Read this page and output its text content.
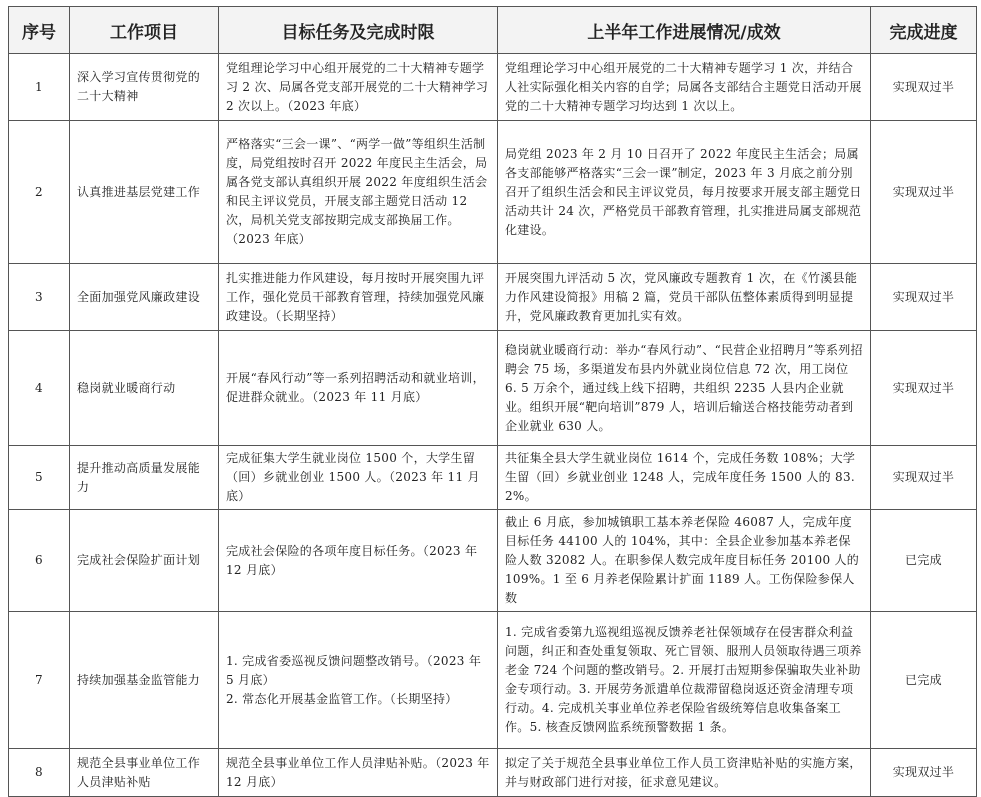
序号	工作项目	目标任务及完成时限	上半年工作进展情况/成效	完成进度
1	深入学习宣传贯彻党的二十大精神	党组理论学习中心组开展党的二十大精神专题学习 2 次、局属各党支部开展党的二十大精神学习 2 次以上。（2023 年底）	党组理论学习中心组开展党的二十大精神专题学习 1 次，并结合人社实际强化相关内容的自学；局属各支部结合主题党日活动开展党的二十大精神专题学习均达到 1 次以上。	实现双过半
2	认真推进基层党建工作	严格落实“三会一课”、“两学一做”等组织生活制度，局党组按时召开 2022 年度民主生活会，局属各党支部认真组织开展 2022 年度组织生活会和民主评议党员，开展支部主题党日活动 12 次，局机关党支部按期完成支部换届工作。（2023 年底）	局党组 2023 年 2 月 10 日召开了 2022 年度民主生活会；局属各支部能够严格落实“三会一课”制定，2023 年 3 月底之前分别召开了组织生活会和民主评议党员，每月按要求开展支部主题党日活动共计 24 次，严格党员干部教育管理，扎实推进局属支部规范化建设。	实现双过半
3	全面加强党风廉政建设	扎实推进能力作风建设，每月按时开展突围九评工作，强化党员干部教育管理，持续加强党风廉政建设。（长期坚持）	开展突围九评活动 5 次，党风廉政专题教育 1 次，在《竹溪县能力作风建设简报》用稿 2 篇，党员干部队伍整体素质得到明显提升，党风廉政教育更加扎实有效。	实现双过半
4	稳岗就业暖商行动	开展“春风行动”等一系列招聘活动和就业培训，促进群众就业。（2023 年 11 月底）	稳岗就业暖商行动：举办“春风行动”、“民营企业招聘月”等系列招聘会 75 场，多渠道发布县内外就业岗位信息 72 次，用工岗位 6. 5 万余个，通过线上线下招聘，共组织 2235 人县内企业就业。组织开展“靶向培训”879 人，培训后输送合格技能劳动者到企业就业 630 人。	实现双过半
5	提升推动高质量发展能力	完成征集大学生就业岗位 1500 个，大学生留（回）乡就业创业 1500 人。（2023 年 11 月底）	共征集全县大学生就业岗位 1614 个，完成任务数 108%；大学生留（回）乡就业创业 1248 人，完成年度任务 1500 人的 83. 2%。	实现双过半
6	完成社会保险扩面计划	完成社会保险的各项年度目标任务。（2023 年 12 月底）	截止 6 月底，参加城镇职工基本养老保险 46087 人，完成年度目标任务 44100 人的 104%，其中：全县企业参加基本养老保险人数 32082 人。在职参保人数完成年度目标任务 20100 人的 109%。1 至 6 月养老保险累计扩面 1189 人。工伤保险参保人数	已完成
7	持续加强基金监管能力	1. 完成省委巡视反馈问题整改销号。（2023 年 5 月底）
2. 常态化开展基金监管工作。（长期坚持）	1. 完成省委第九巡视组巡视反馈养老社保领域存在侵害群众利益问题，纠正和查处重复领取、死亡冒领、服刑人员领取待遇三项养老金 724 个问题的整改销号。2. 开展打击短期参保骗取失业补助金专项行动。3. 开展劳务派遣单位裁滞留稳岗返还资金清理专项行动。4. 完成机关事业单位养老保险省级统筹信息收集备案工作。5. 核查反馈网监系统预警数据 1 条。	已完成
8	规范全县事业单位工作人员津贴补贴	规范全县事业单位工作人员津贴补贴。（2023 年 12 月底）	拟定了关于规范全县事业单位工作人员工资津贴补贴的实施方案，并与财政部门进行对接，征求意见建议。	实现双过半
